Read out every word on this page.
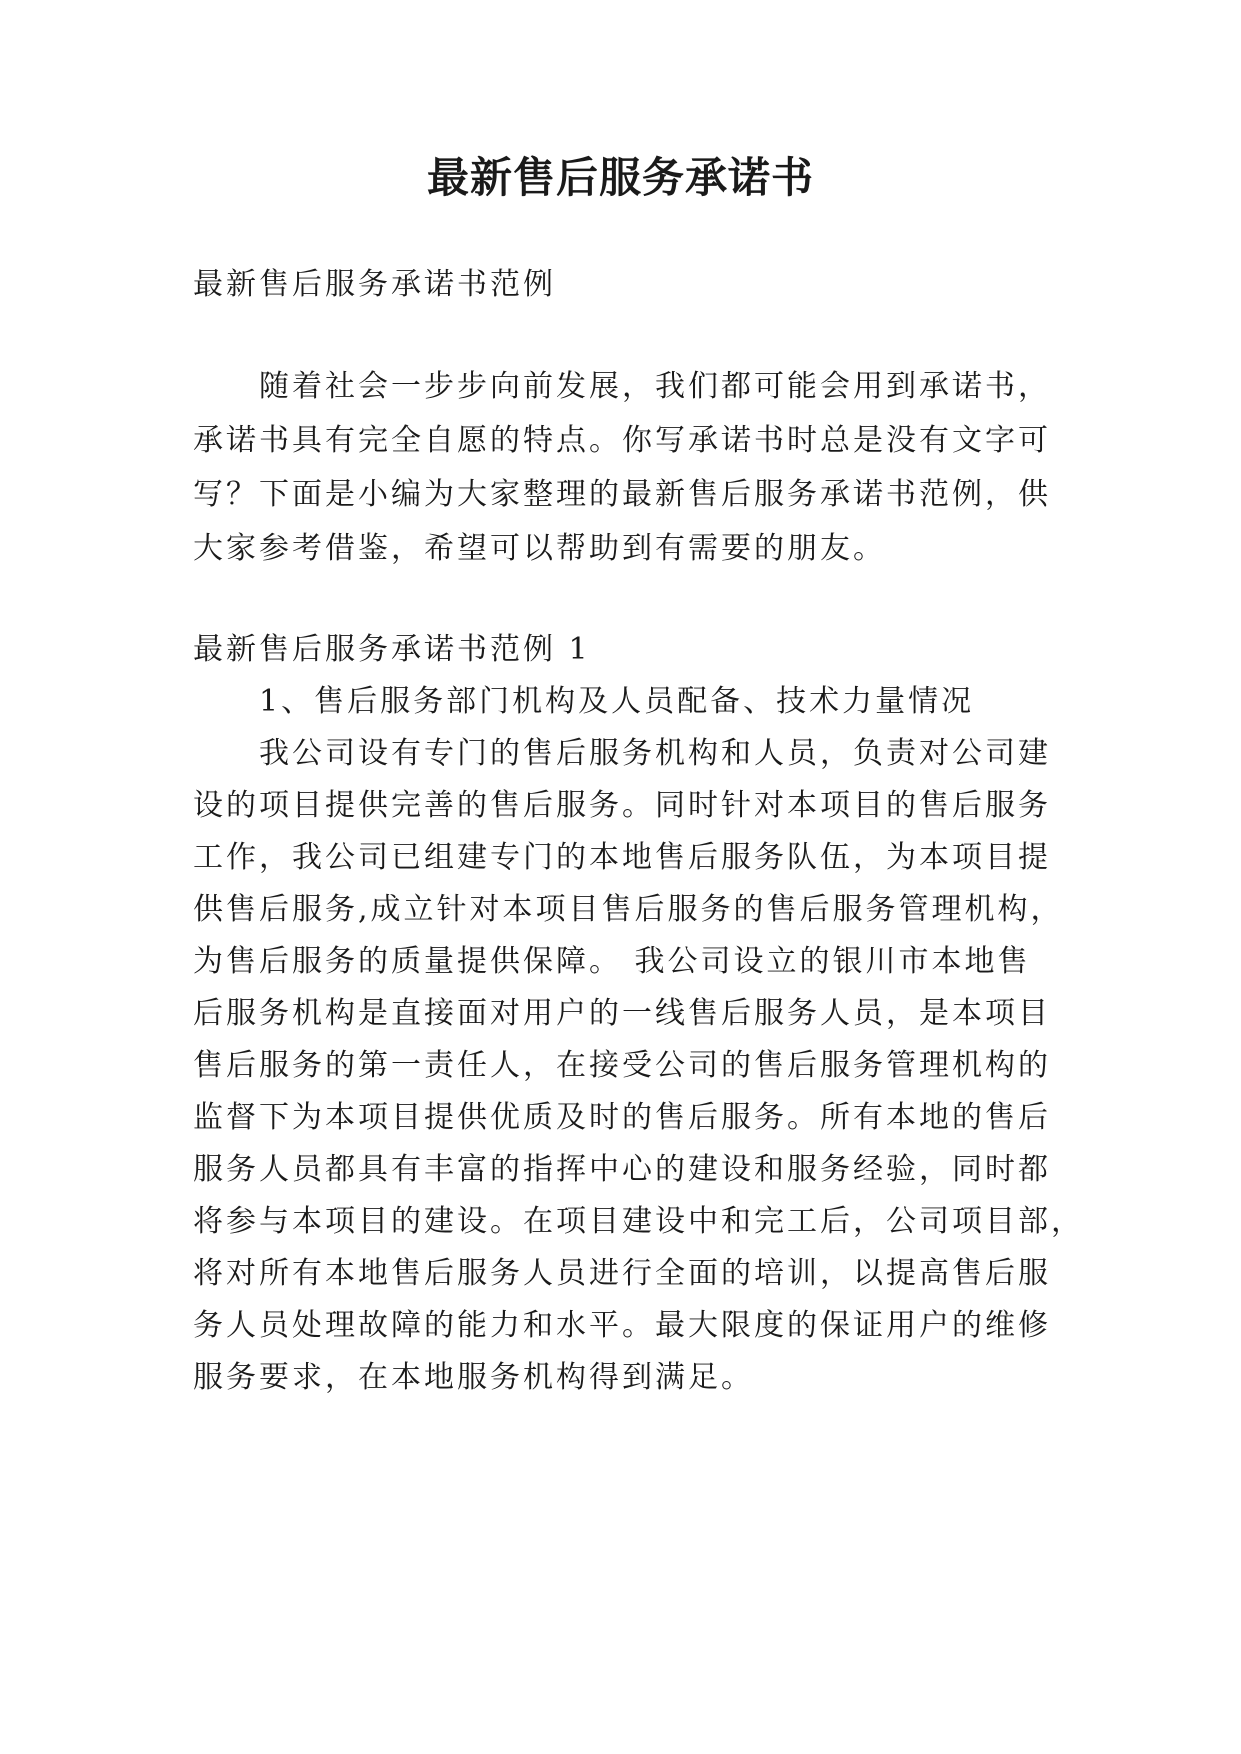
最新售后服务承诺书
最新售后服务承诺书范例
随着社会一步步向前发展，我们都可能会用到承诺书，
承诺书具有完全自愿的特点。你写承诺书时总是没有文字可
写？下面是小编为大家整理的最新售后服务承诺书范例，供
大家参考借鉴，希望可以帮助到有需要的朋友。
最新售后服务承诺书范例 1
1、售后服务部门机构及人员配备、技术力量情况
我公司设有专门的售后服务机构和人员，负责对公司建
设的项目提供完善的售后服务。同时针对本项目的售后服务
工作，我公司已组建专门的本地售后服务队伍，为本项目提
供售后服务,成立针对本项目售后服务的售后服务管理机构，
为售后服务的质量提供保障。 我公司设立的银川市本地售
后服务机构是直接面对用户的一线售后服务人员，是本项目
售后服务的第一责任人，在接受公司的售后服务管理机构的
监督下为本项目提供优质及时的售后服务。所有本地的售后
服务人员都具有丰富的指挥中心的建设和服务经验，同时都
将参与本项目的建设。在项目建设中和完工后，公司项目部，
将对所有本地售后服务人员进行全面的培训，以提高售后服
务人员处理故障的能力和水平。最大限度的保证用户的维修
服务要求，在本地服务机构得到满足。
